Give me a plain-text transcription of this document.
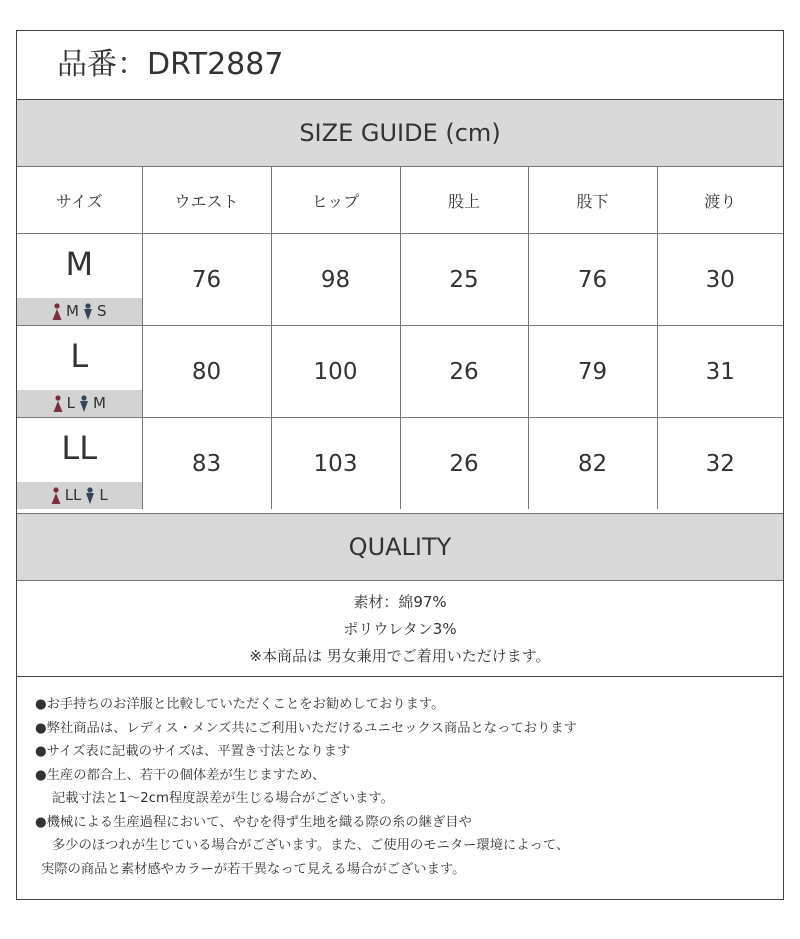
品番：DRT2887
SIZE GUIDE (cm)
サイズ	ウエスト	ヒップ	股上	股下	渡り

M
M S	76	98	25	76	30

L
L M	80	100	26	79	31

LL
LL L	83	103	26	82	32
QUALITY
素材：綿97%
ポリウレタン3%
※本商品は 男女兼用でご着用いただけます。
●お手持ちのお洋服と比較していただくことをお勧めしております。
●弊社商品は、レディス・メンズ共にご利用いただけるユニセックス商品となっております
●サイズ表に記載のサイズは、平置き寸法となります
●生産の都合上、若干の個体差が生じますため、
記載寸法と1～2cm程度誤差が生じる場合がございます。
●機械による生産過程において、やむを得ず生地を織る際の糸の継ぎ目や
多少のほつれが生じている場合がございます。また、ご使用のモニター環境によって、
実際の商品と素材感やカラーが若干異なって見える場合がございます。
